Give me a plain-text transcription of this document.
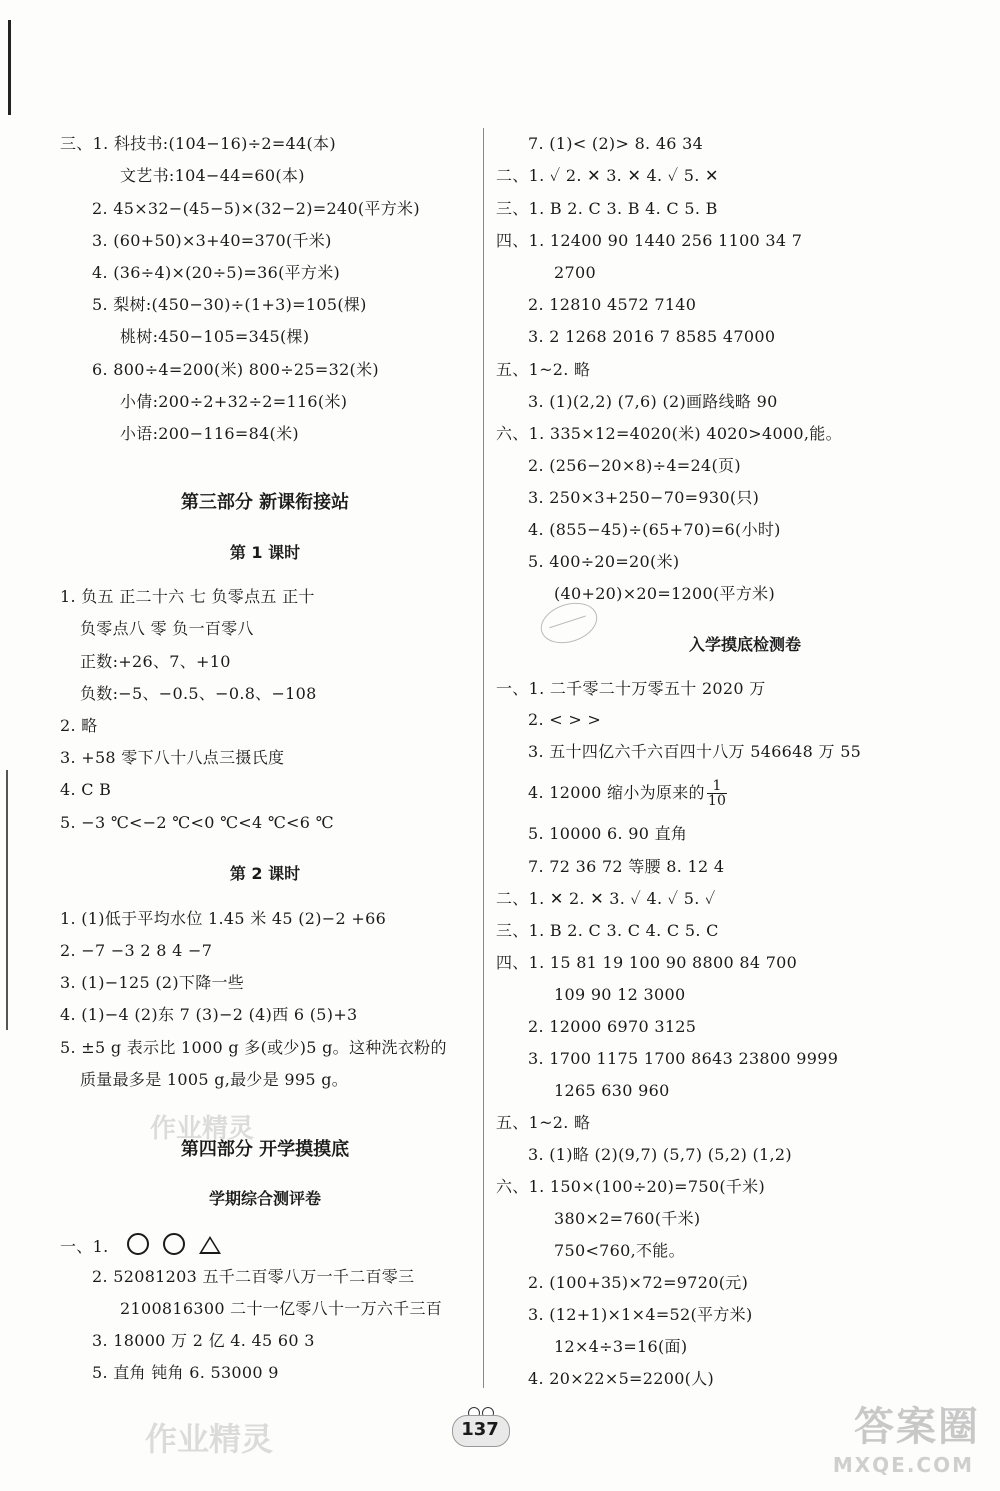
三、1. 科技书:(104−16)÷2=44(本)
文艺书:104−44=60(本)
2. 45×32−(45−5)×(32−2)=240(平方米)
3. (60+50)×3+40=370(千米)
4. (36÷4)×(20÷5)=36(平方米)
5. 梨树:(450−30)÷(1+3)=105(棵)
桃树:450−105=345(棵)
6. 800÷4=200(米) 800÷25=32(米)
小倩:200÷2+32÷2=116(米)
小语:200−116=84(米)
第三部分 新课衔接站
第 1 课时
1. 负五 正二十六 七 负零点五 正十
负零点八 零 负一百零八
正数:+26、7、+10
负数:−5、−0.5、−0.8、−108
2. 略
3. +58 零下八十八点三摄氏度
4. C B
5. −3 ℃<−2 ℃<0 ℃<4 ℃<6 ℃
第 2 课时
1. (1)低于平均水位 1.45 米 45 (2)−2 +66
2. −7 −3 2 8 4 −7
3. (1)−125 (2)下降一些
4. (1)−4 (2)东 7 (3)−2 (4)西 6 (5)+3
5. ±5 g 表示比 1000 g 多(或少)5 g。这种洗衣粉的
质量最多是 1005 g,最少是 995 g。
作业精灵
第四部分 开学摸摸底
学期综合测评卷
一、1.
2. 52081203 五千二百零八万一千二百零三
2100816300 二十一亿零八十一万六千三百
3. 18000 万 2 亿 4. 45 60 3
5. 直角 钝角 6. 53000 9
作业精灵
7. (1)< (2)> 8. 46 34
二、1. ✓ 2. ✕ 3. ✕ 4. ✓ 5. ✕
三、1. B 2. C 3. B 4. C 5. B
四、1. 12400 90 1440 256 1100 34 7
2700
2. 12810 4572 7140
3. 2 1268 2016 7 8585 47000
五、1~2. 略
3. (1)(2,2) (7,6) (2)画路线略 90
六、1. 335×12=4020(米) 4020>4000,能。
2. (256−20×8)÷4=24(页)
3. 250×3+250−70=930(只)
4. (855−45)÷(65+70)=6(小时)
5. 400÷20=20(米)
(40+20)×20=1200(平方米)
入学摸底检测卷
一、1. 二千零二十万零五十 2020 万
2. < > >
3. 五十四亿六千六百四十八万 546648 万 55
4. 12000 缩小为原来的 $\frac{1}{10}$
5. 10000 6. 90 直角
7. 72 36 72 等腰 8. 12 4
二、1. ✕ 2. ✕ 3. ✓ 4. ✓ 5. ✓
三、1. B 2. C 3. C 4. C 5. C
四、1. 15 81 19 100 90 8800 84 700
109 90 12 3000
2. 12000 6970 3125
3. 1700 1175 1700 8643 23800 9999
1265 630 960
五、1~2. 略
3. (1)略 (2)(9,7) (5,7) (5,2) (1,2)
六、1. 150×(100÷20)=750(千米)
380×2=760(千米)
750<760,不能。
2. (100+35)×72=9720(元)
3. (12+1)×1×4=52(平方米)
12×4÷3=16(面)
4. 20×22×5=2200(人)
137	答案圈
MXQE.COM
